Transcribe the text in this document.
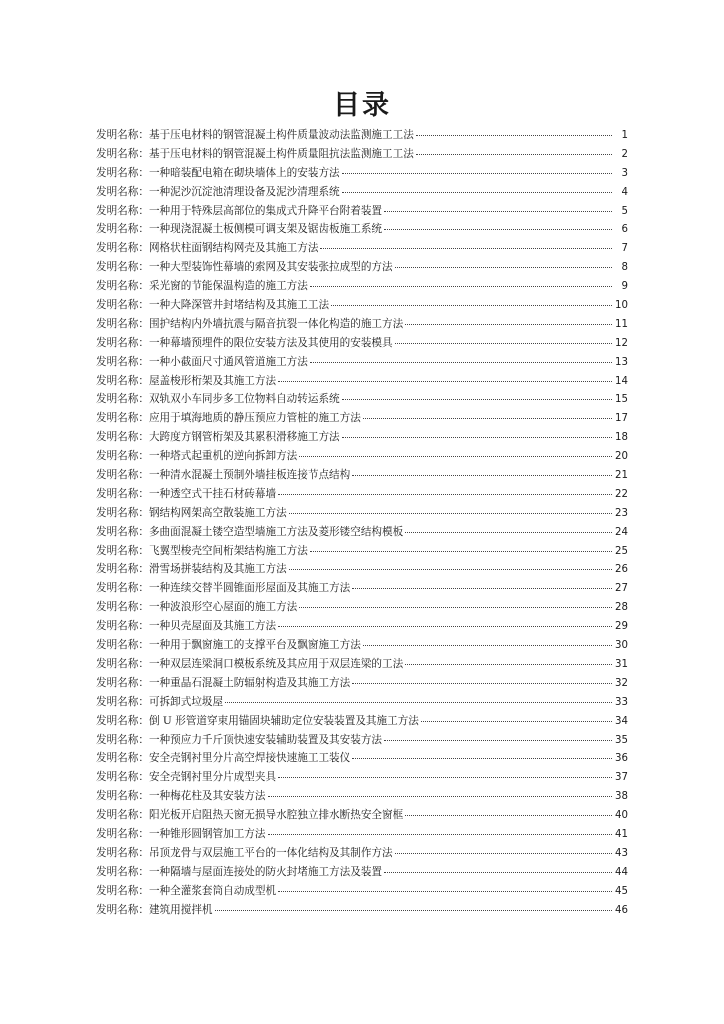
目录
发明名称： 基于压电材料的钢管混凝土构件质量波动法监测施工工法	1
发明名称： 基于压电材料的钢管混凝土构件质量阻抗法监测施工工法	2
发明名称： 一种暗装配电箱在砌块墙体上的安装方法	3
发明名称： 一种泥沙沉淀池清理设备及泥沙清理系统	4
发明名称： 一种用于特殊层高部位的集成式升降平台附着装置	5
发明名称： 一种现浇混凝土板侧模可调支架及锯齿板施工系统	6
发明名称： 网格状柱面钢结构网壳及其施工方法	7
发明名称： 一种大型装饰性幕墙的索网及其安装张拉成型的方法	8
发明名称： 采光窗的节能保温构造的施工方法	9
发明名称： 一种大降深管井封堵结构及其施工工法	10
发明名称： 围护结构内外墙抗震与隔音抗裂一体化构造的施工方法	11
发明名称： 一种幕墙预埋件的限位安装方法及其使用的安装模具	12
发明名称： 一种小截面尺寸通风管道施工方法	13
发明名称： 屋盖梭形桁架及其施工方法	14
发明名称： 双轨双小车同步多工位物料自动转运系统	15
发明名称： 应用于填海地质的静压预应力管桩的施工方法	17
发明名称： 大跨度方钢管桁架及其累积滑移施工方法	18
发明名称： 一种塔式起重机的逆向拆卸方法	20
发明名称： 一种清水混凝土预制外墙挂板连接节点结构	21
发明名称： 一种透空式干挂石材砖幕墙	22
发明名称： 钢结构网架高空散装施工方法	23
发明名称： 多曲面混凝土镂空造型墙施工方法及菱形镂空结构模板	24
发明名称： 飞翼型梭壳空间桁架结构施工方法	25
发明名称： 滑雪场拼装结构及其施工方法	26
发明名称： 一种连续交替半圆锥面形屋面及其施工方法	27
发明名称： 一种波浪形空心屋面的施工方法	28
发明名称： 一种贝壳屋面及其施工方法	29
发明名称： 一种用于飘窗施工的支撑平台及飘窗施工方法	30
发明名称： 一种双层连梁洞口模板系统及其应用于双层连梁的工法	31
发明名称： 一种重晶石混凝土防辐射构造及其施工方法	32
发明名称： 可拆卸式垃圾屋	33
发明名称： 倒 U 形管道穿束用锚固块辅助定位安装装置及其施工方法	34
发明名称： 一种预应力千斤顶快速安装辅助装置及其安装方法	35
发明名称： 安全壳钢衬里分片高空焊接快速施工工装仪	36
发明名称： 安全壳钢衬里分片成型夹具	37
发明名称： 一种梅花柱及其安装方法	38
发明名称： 阳光板开启阻热天窗无损导水腔独立排水断热安全窗框	40
发明名称： 一种锥形圆钢管加工方法	41
发明名称： 吊顶龙骨与双层施工平台的一体化结构及其制作方法	43
发明名称： 一种隔墙与屋面连接处的防火封堵施工方法及装置	44
发明名称： 一种全灌浆套筒自动成型机	45
发明名称： 建筑用搅拌机	46
